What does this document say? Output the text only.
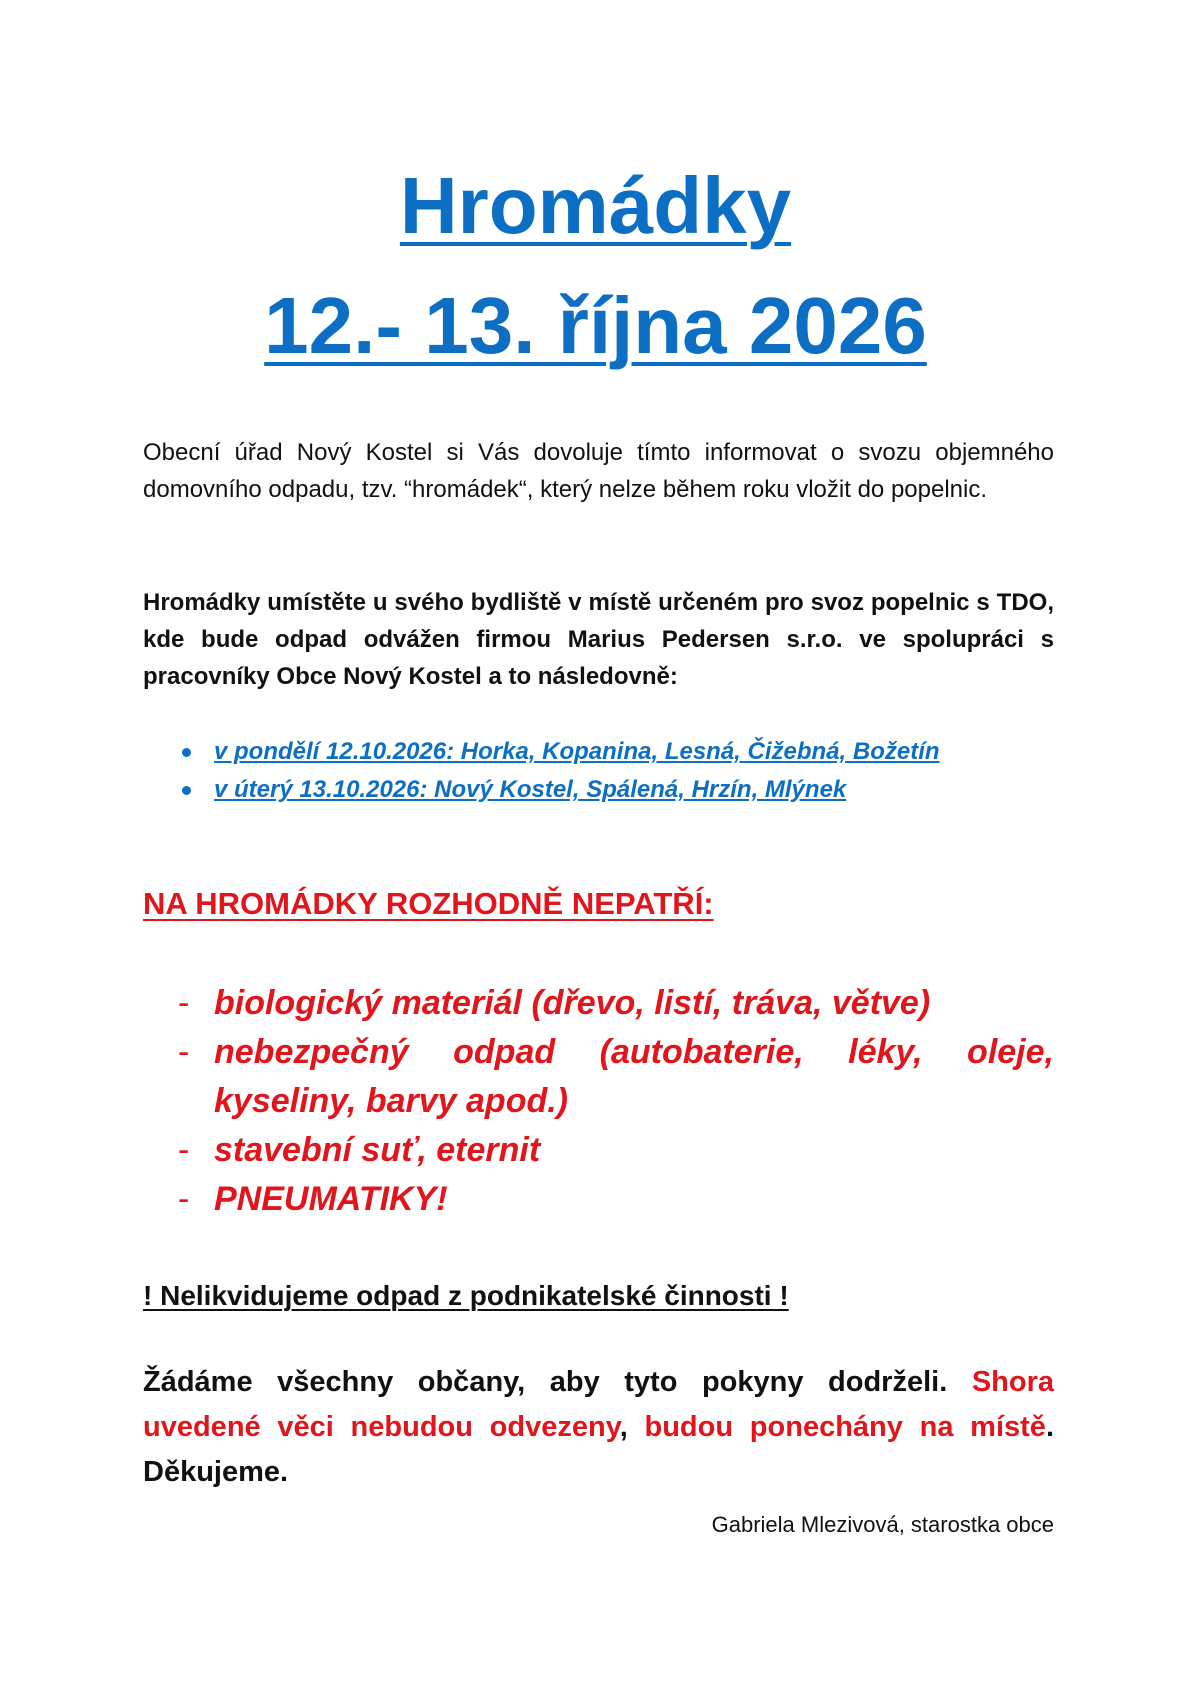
Hromádky
12.- 13. října 2026
Obecní úřad Nový Kostel si Vás dovoluje tímto informovat o svozu objemného domovního odpadu, tzv. “hromádek“, který nelze během roku vložit do popelnic.
Hromádky umístěte u svého bydliště v místě určeném pro svoz popelnic s TDO, kde bude odpad odvážen firmou Marius Pedersen s.r.o. ve spolupráci s pracovníky Obce Nový Kostel a to následovně:
v pondělí 12.10.2026: Horka, Kopanina, Lesná, Čižebná, Božetín
v úterý 13.10.2026: Nový Kostel, Spálená, Hrzín, Mlýnek
NA HROMÁDKY ROZHODNĚ NEPATŘÍ:
- biologický materiál (dřevo, listí, tráva, větve)
- nebezpečný odpad (autobaterie, léky, oleje,
kyseliny, barvy apod.)
- stavební suť, eternit
- PNEUMATIKY!
! Nelikvidujeme odpad z podnikatelské činnosti !
Žádáme všechny občany, aby tyto pokyny dodrželi. Shora uvedené věci nebudou odvezeny, budou ponechány na místě. Děkujeme.
Gabriela Mlezivová, starostka obce
